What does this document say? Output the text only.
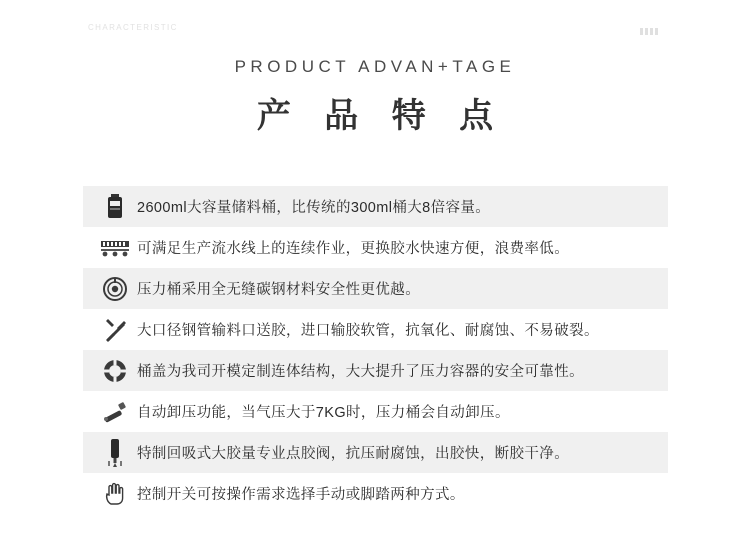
CHARACTERISTIC
PRODUCT ADVAN+TAGE
产 品 特 点
2600ml大容量储料桶，比传统的300ml桶大8倍容量。
可满足生产流水线上的连续作业，更换胶水快速方便，浪费率低。
压力桶采用全无缝碳钢材料安全性更优越。
大口径钢管输料口送胶，进口输胶软管，抗氧化、耐腐蚀、不易破裂。
桶盖为我司开模定制连体结构，大大提升了压力容器的安全可靠性。
自动卸压功能，当气压大于7KG时，压力桶会自动卸压。
特制回吸式大胶量专业点胶阀，抗压耐腐蚀，出胶快，断胶干净。
控制开关可按操作需求选择手动或脚踏两种方式。
